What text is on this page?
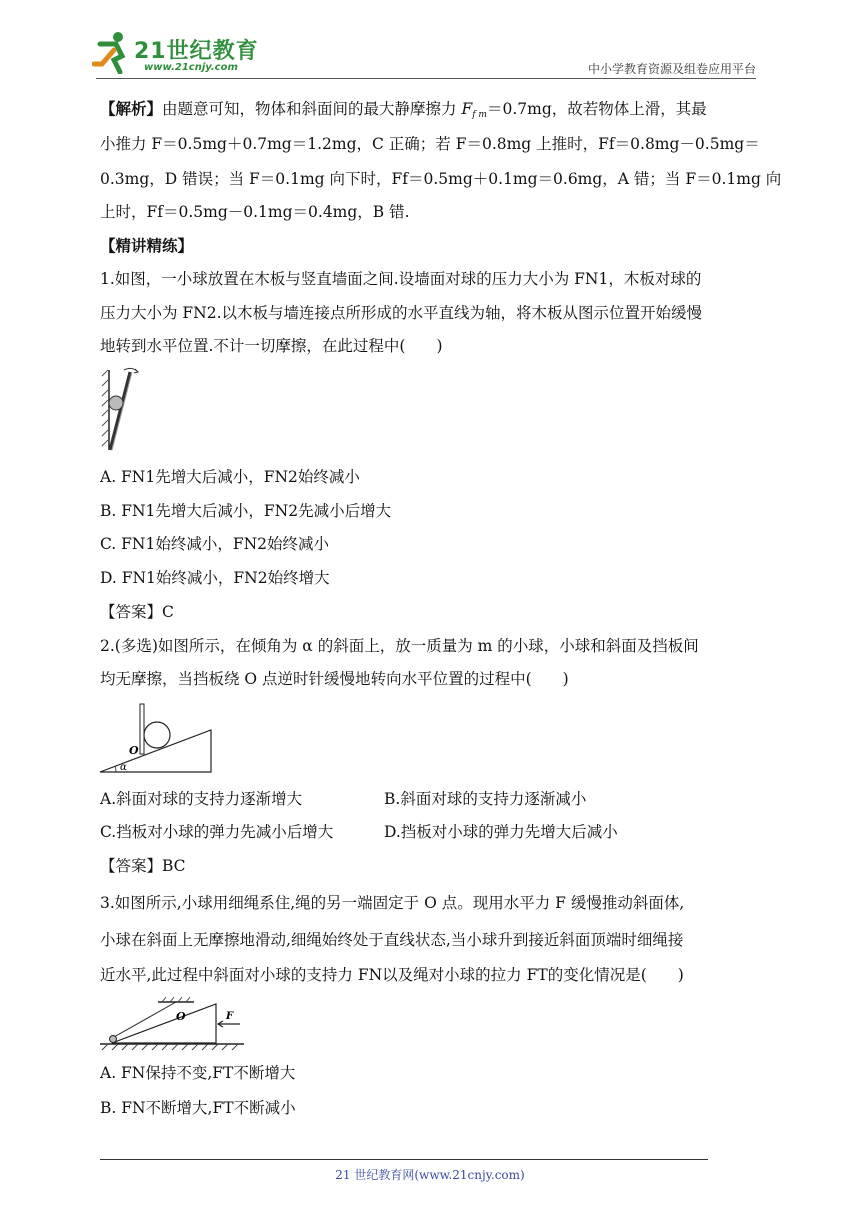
21世纪教育
www.21cnjy.com	中小学教育资源及组卷应用平台
【解析】由题意可知，物体和斜面间的最大静摩擦力 $F_{f m}=0.7mg$，故若物体上滑，其最
小推力 F＝0.5mg＋0.7mg＝1.2mg，C 正确；若 F＝0.8mg 上推时，Ff＝0.8mg－0.5mg＝
0.3mg，D 错误；当 F＝0.1mg 向下时，Ff＝0.5mg＋0.1mg＝0.6mg，A 错；当 F＝0.1mg 向
上时，Ff＝0.5mg－0.1mg＝0.4mg，B 错.
【精讲精练】
1.如图，一小球放置在木板与竖直墙面之间.设墙面对球的压力大小为 FN1，木板对球的
压力大小为 FN2.以木板与墙连接点所形成的水平直线为轴，将木板从图示位置开始缓慢
地转到水平位置.不计一切摩擦，在此过程中(　　)
A. FN1先增大后减小，FN2始终减小
B. FN1先增大后减小，FN2先减小后增大
C. FN1始终减小，FN2始终减小
D. FN1始终减小，FN2始终增大
【答案】C
2.(多选)如图所示，在倾角为 α 的斜面上，放一质量为 m 的小球，小球和斜面及挡板间
均无摩擦，当挡板绕 O 点逆时针缓慢地转向水平位置的过程中(　　)
O
α
A.斜面对球的支持力逐渐增大	B.斜面对球的支持力逐渐减小
C.挡板对小球的弹力先减小后增大	D.挡板对小球的弹力先增大后减小
【答案】BC
3.如图所示,小球用细绳系住,绳的另一端固定于 O 点。现用水平力 F 缓慢推动斜面体,
小球在斜面上无摩擦地滑动,细绳始终处于直线状态,当小球升到接近斜面顶端时细绳接
近水平,此过程中斜面对小球的支持力 FN以及绳对小球的拉力 FT的变化情况是(　　)
O	F
A. FN保持不变,FT不断增大
B. FN不断增大,FT不断减小
21 世纪教育网(www.21cnjy.com)
